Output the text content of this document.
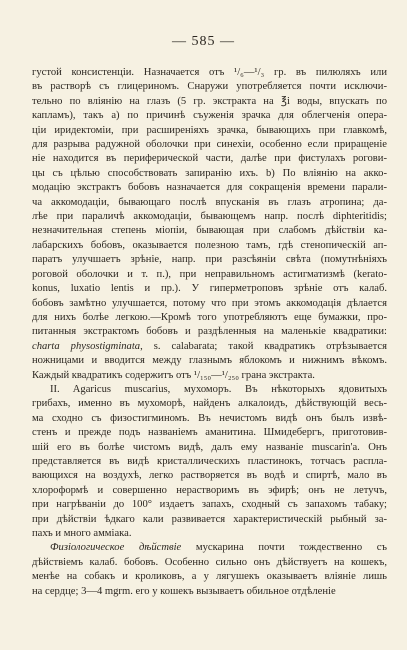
— 585 —
густой консистенціи. Назначается отъ ¹/₆—¹/₃ гр. въ пилюляхъ или
въ растворѣ съ глицериномъ. Снаружи употребляется почти исключи-
тельно по вліянію на глазъ (5 гр. экстракта на ℥i воды, впускать по
капламъ), такъ а) по причинѣ съуженія зрачка для облегченія опера-
ціи иридектоміи, при расширеніяхъ зрачка, бывающихъ при главкомѣ,
для разрыва радужной оболочки при синехіи, особенно если приращеніе
ніе находится въ периферической части, далѣе при фистулахъ рогови-
цы съ цѣлью способствовать запиранію ихъ. b) По вліянію на акко-
модацію экстрактъ бобовъ назначается для сокращенія времени парали-
ча аккомодаціи, бывающаго послѣ впусканія въ глазъ атропина; да-
лѣе при параличѣ аккомодаціи, бывающемъ напр. послѣ diphteritidis;
незначительная степень міопіи, бывающая при слабомъ дѣйствіи ка-
лабарскихъ бобовъ, оказывается полезною тамъ, гдѣ стенопическій ап-
паратъ улучшаетъ зрѣніе, напр. при разсѣяніи свѣта (помутнѣніяхъ
роговой оболочки и т. п.), при неправильномъ астигматизмѣ (kerato-
konus, luxatio lentis и пр.). У гиперметроповъ зрѣніе отъ калаб.
бобовъ замѣтно улучшается, потому что при этомъ аккомодація дѣлается
для нихъ болѣе легкою.—Кромѣ того употребляютъ еще бумажки, про-
питанныя экстрактомъ бобовъ и раздѣленныя на маленькіе квадратики:
charta physostigminata, s. calabarata; такой квадратикъ отрѣзывается
ножницами и вводится между глазнымъ яблокомъ и нижнимъ вѣкомъ.
Каждый квадратикъ содержитъ отъ ¹/₁₅₀—¹/₂₅₀ грана экстракта.
II. Agaricus muscarius, мухоморъ. Въ нѣкоторыхъ ядовитыхъ
грибахъ, именно въ мухоморѣ, найденъ алкалоидъ, дѣйствующій весь-
ма сходно съ физостигминомъ. Въ нечистомъ видѣ онъ былъ извѣ-
стенъ и прежде подъ названіемъ аманитина. Шмидебергъ, приготовив-
шій его въ болѣе чистомъ видѣ, далъ ему названіе muscarin'a. Онъ
представляется въ видѣ кристаллическихъ пластинокъ, тотчасъ распла-
вающихся на воздухѣ, легко растворяется въ водѣ и спиртѣ, мало въ
хлороформѣ и совершенно нерастворимъ въ эфирѣ; онъ не летучъ,
при нагрѣваніи до 100° издаетъ запахъ, сходный съ запахомъ табаку;
при дѣйствіи ѣдкаго кали развивается характеристическій рыбный за-
пахъ и много амміака.
Физіологическое дѣйствіе мускарина почти тождественно съ
дѣйствіемъ калаб. бобовъ. Особенно сильно онъ дѣйствуетъ на кошекъ,
менѣе на собакъ и кроликовъ, а у лягушекъ оказываетъ вліяніе лишь
на сердце; 3—4 mgrm. его у кошекъ вызываетъ обильное отдѣленіе
